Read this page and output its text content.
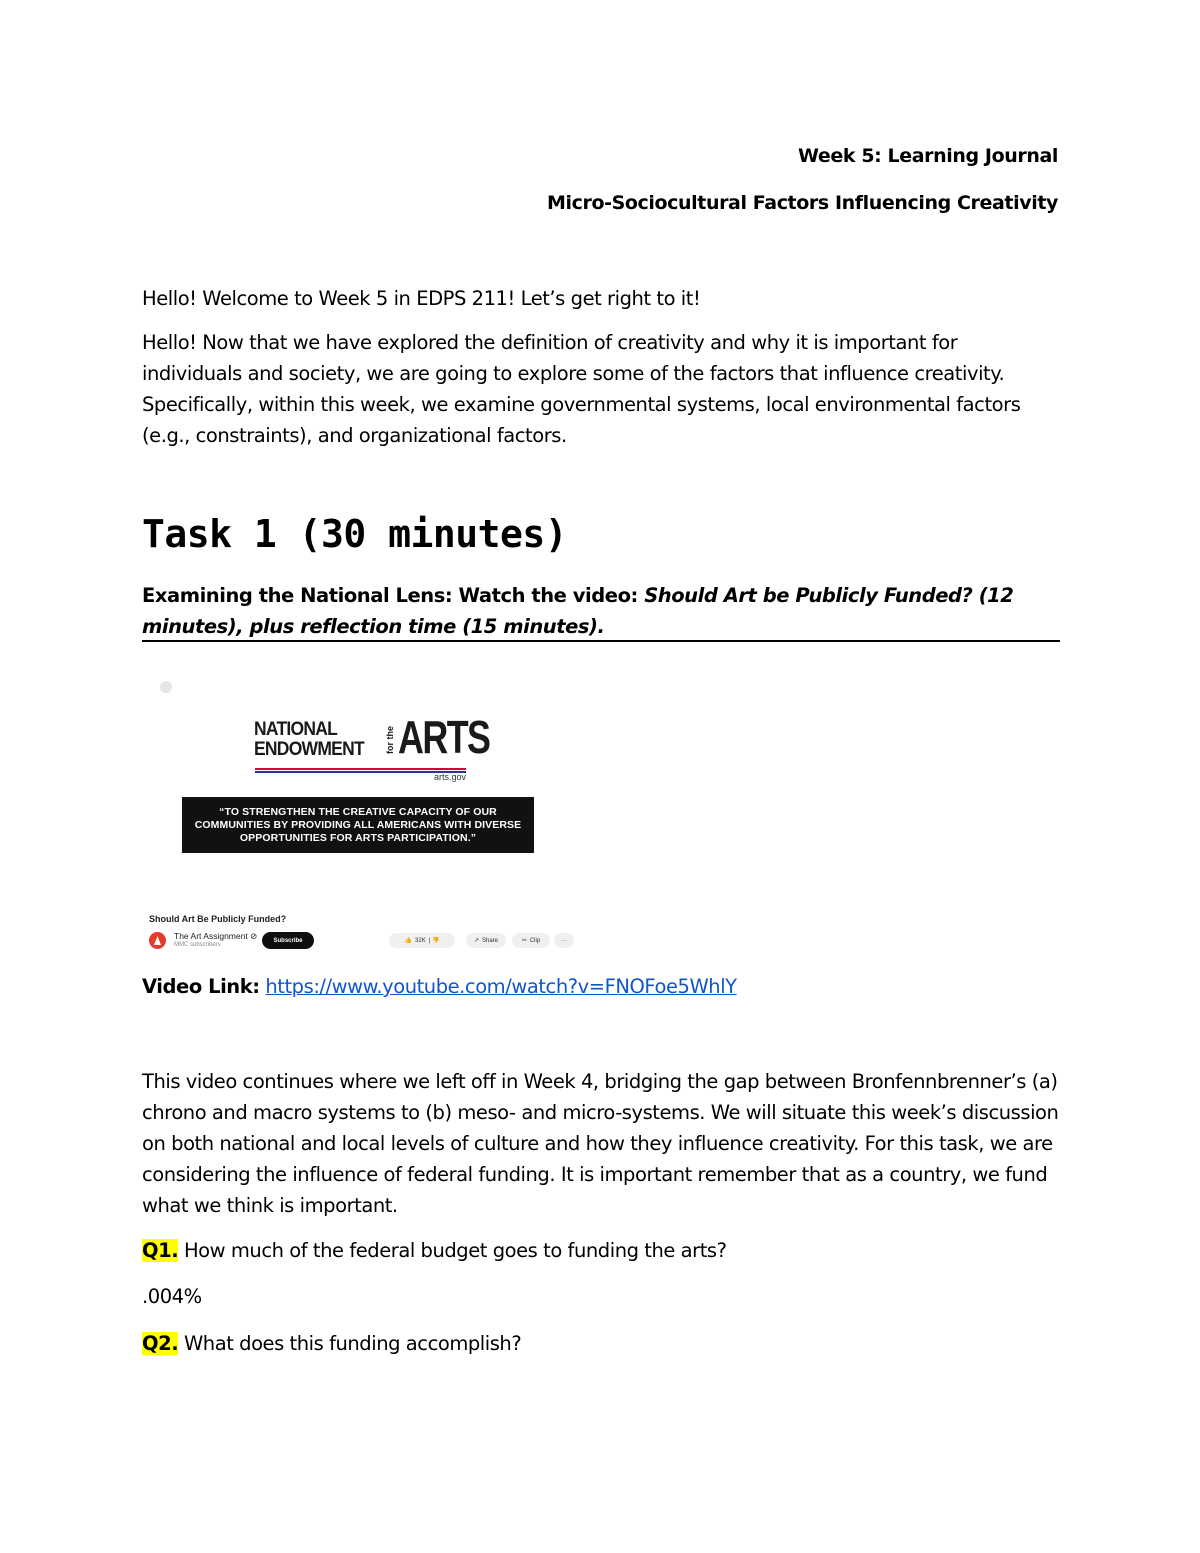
Week 5: Learning Journal
Micro-Sociocultural Factors Influencing Creativity
Hello! Welcome to Week 5 in EDPS 211! Let’s get right to it!
Hello! Now that we have explored the definition of creativity and why it is important for individuals and society, we are going to explore some of the factors that influence creativity. Specifically, within this week, we examine governmental systems, local environmental factors (e.g., constraints), and organizational factors.
Task 1 (30 minutes)
Examining the National Lens: Watch the video: Should Art be Publicly Funded? (12 minutes), plus reflection time (15 minutes).
NATIONAL
ENDOWMENT for the ARTS
arts.gov
“TO STRENGTHEN THE CREATIVE CAPACITY OF OUR COMMUNITIES BY PROVIDING ALL AMERICANS WITH DIVERSE OPPORTUNITIES FOR ARTS PARTICIPATION.”
Should Art Be Publicly Funded?
The Art Assignment ⊘
MMC subscribers
Subscribe	👍 32K | 👎	↗ Share	✂ Clip	···
Video Link: https://www.youtube.com/watch?v=FNOFoe5WhlY
This video continues where we left off in Week 4, bridging the gap between Bronfennbrenner’s (a) chrono and macro systems to (b) meso- and micro-systems. We will situate this week’s discussion on both national and local levels of culture and how they influence creativity. For this task, we are considering the influence of federal funding. It is important remember that as a country, we fund what we think is important.
Q1. How much of the federal budget goes to funding the arts?
.004%
Q2. What does this funding accomplish?
